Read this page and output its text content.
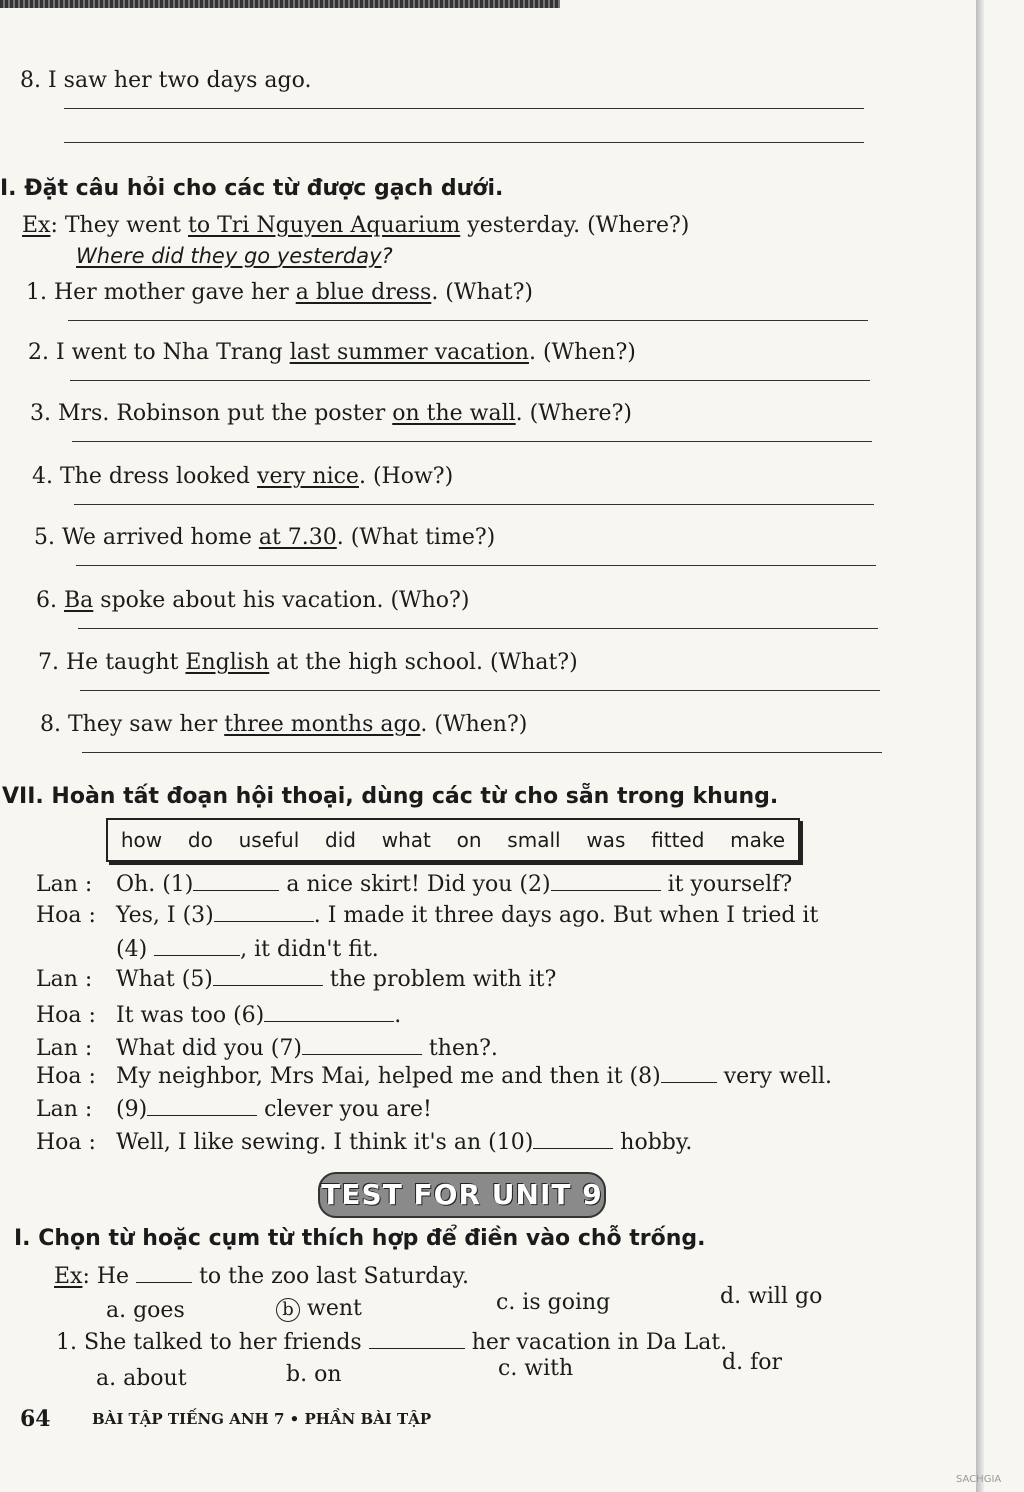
8. I saw her two days ago.
I. Đặt câu hỏi cho các từ được gạch dưới.
Ex: They went to Tri Nguyen Aquarium yesterday. (Where?)
Where did they go yesterday?
1. Her mother gave her a blue dress. (What?)
2. I went to Nha Trang last summer vacation. (When?)
3. Mrs. Robinson put the poster on the wall. (Where?)
4. The dress looked very nice. (How?)
5. We arrived home at 7.30. (What time?)
6. Ba spoke about his vacation. (Who?)
7. He taught English at the high school. (What?)
8. They saw her three months ago. (When?)
VII. Hoàn tất đoạn hội thoại, dùng các từ cho sẵn trong khung.
how do useful did what on small was fitted make
Lan : Oh. (1)	a nice skirt! Did you (2)	it yourself?
Hoa : Yes, I (3)	. I made it three days ago. But when I tried it
(4)	, it didn't fit.
Lan : What (5)	the problem with it?
Hoa : It was too (6)	.
Lan : What did you (7)	then?.
Hoa : My neighbor, Mrs Mai, helped me and then it (8)	very well.
Lan : (9)	clever you are!
Hoa : Well, I like sewing. I think it's an (10)	hobby.
TEST FOR UNIT 9
I. Chọn từ hoặc cụm từ thích hợp để điền vào chỗ trống.
Ex: He	to the zoo last Saturday.
a. goes	b went	c. is going	d. will go
1. She talked to her friends	her vacation in Da Lat.
a. about	b. on	c. with	d. for
64	BÀI TẬP TIẾNG ANH 7 • PHẦN BÀI TẬP
SACHGIA
